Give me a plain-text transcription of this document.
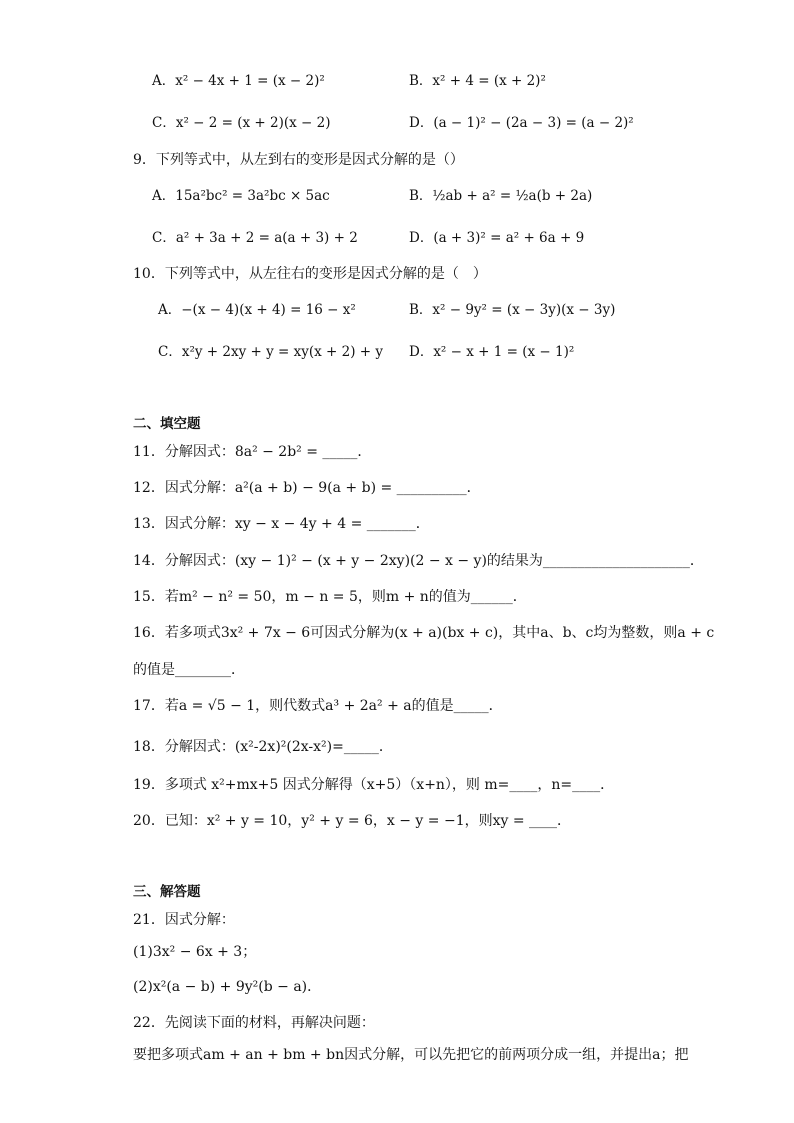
A．x² − 4x + 1 = (x − 2)²	B．x² + 4 = (x + 2)²
C．x² − 2 = (x + 2)(x − 2)	D．(a − 1)² − (2a − 3) = (a − 2)²
9．下列等式中，从左到右的变形是因式分解的是（）
A．15a²bc² = 3a²bc × 5ac	B．½ab + a² = ½a(b + 2a)
C．a² + 3a + 2 = a(a + 3) + 2	D．(a + 3)² = a² + 6a + 9
10．下列等式中，从左往右的变形是因式分解的是（　）
A．−(x − 4)(x + 4) = 16 − x²	B．x² − 9y² = (x − 3y)(x − 3y)
C．x²y + 2xy + y = xy(x + 2) + y D．x² − x + 1 = (x − 1)²
二、填空题
11．分解因式：8a² − 2b² = _____．
12．因式分解：a²(a + b) − 9(a + b) = __________．
13．因式分解：xy − x − 4y + 4 = _______．
14．分解因式：(xy − 1)² − (x + y − 2xy)(2 − x − y)的结果为_____________________．
15．若m² − n² = 50，m − n = 5，则m + n的值为______．
16．若多项式3x² + 7x − 6可因式分解为(x + a)(bx + c)，其中a、b、c均为整数，则a + c
的值是________．
17．若a = √5 − 1，则代数式a³ + 2a² + a的值是_____．
18．分解因式：(x²-2x)²(2x-x²)=_____．
19．多项式 x²+mx+5 因式分解得（x+5）（x+n），则 m=____，n=____．
20．已知：x² + y = 10，y² + y = 6，x − y = −1，则xy = ____．
三、解答题
21．因式分解：
(1)3x² − 6x + 3；
(2)x²(a − b) + 9y²(b − a)．
22．先阅读下面的材料，再解决问题：
要把多项式am + an + bm + bn因式分解，可以先把它的前两项分成一组，并提出a；把
